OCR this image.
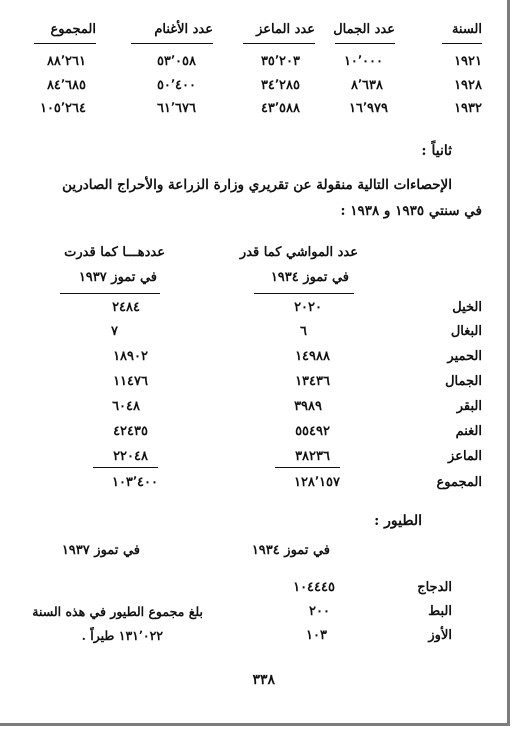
السنة
عدد الجمال
عدد الماعز
عدد الأغنام
المجموع
١٩٢١
١٠٬٠٠٠
٣٥٬٢٠٣
٥٣٬٠٥٨
٨٨٬٢٦١
١٩٢٨
٨٬٦٣٨
٣٤٬٢٨٥
٥٠٬٤٠٠
٨٤٬٦٨٥
١٩٣٢
١٦٬٩٧٩
٤٣٬٥٨٨
٦١٬٦٧٦
١٠٥٬٢٦٤
ثانياً :
الإحصاءات التالية منقولة عن تقريري وزارة الزراعة والأحراج الصادرين
في سنتي ١٩٣٥ و ١٩٣٨ :
عدد المواشي كما قدر
في تموز ١٩٣٤
عددهـــا كما قدرت
في تموز ١٩٣٧
الخيل
٢٠٢٠
٢٤٨٤
البغال
٦
٧
الحمير
١٤٩٨٨
١٨٩٠٢
الجمال
١٣٤٣٦
١١٤٧٦
البقر
٣٩٨٩
٦٠٤٨
الغنم
٥٥٤٩٢
٤٢٤٣٥
الماعز
٣٨٢٣٦
٢٢٠٤٨
المجموع
١٢٨٬١٥٧
١٠٣٬٤٠٠
الطيور :
في تموز ١٩٣٤
في تموز ١٩٣٧
الدجاج
١٠٤٤٤٥
البط
٢٠٠
الأوز
١٠٣
بلغ مجموع الطيور في هذه السنة
١٣١٬٠٢٢ طيراً .
٣٣٨
